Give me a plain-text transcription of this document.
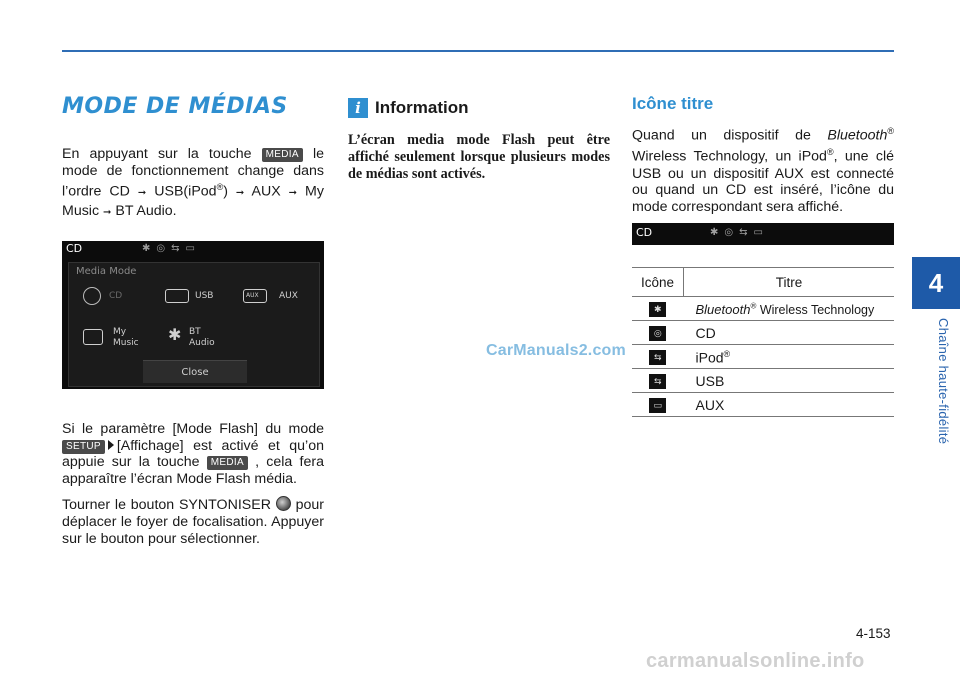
4
Chaîne haute-fidélité
MODE DE MÉDIAS

En appuyant sur la touche MEDIA le mode de fonctionnement change dans l’ordre CD ➞ USB(iPod®) ➞ AUX ➞ My Music ➞ BT Audio.

CD	✱◎⇆▭
Media Mode
CD	USB	AUX AUX
My
Music ✱ BT
Audio
Close

Si le paramètre [Mode Flash] du mode SETUP [Affichage] est activé et qu’on appuie sur la touche MEDIA , cela fera apparaître l’écran Mode Flash média.

Tourner le bouton SYNTONISER pour déplacer le foyer de focalisation. Appuyer sur le bouton pour sélectionner.

i Information

L’écran media mode Flash peut être affiché seulement lorsque plusieurs modes de médias sont activés.

CarManuals2.com
Icône titre

Quand un dispositif de Bluetooth® Wireless Technology, un iPod®, une clé USB ou un dispositif AUX est connecté ou quand un CD est inséré, l’icône du mode correspondant sera affiché.

CD	✱◎⇆▭
Icône	Titre
✱	Bluetooth® Wireless Technology
◎	CD
⇆	iPod®
⇆	USB
▭	AUX
4-153
carmanualsonline.info
